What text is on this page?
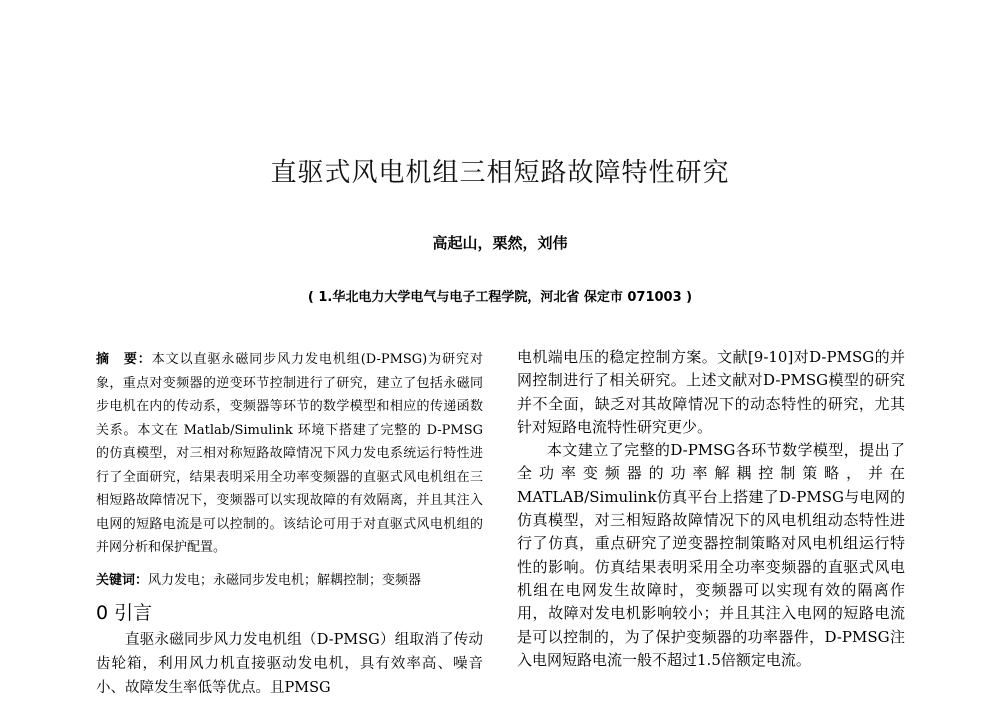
直驱式风电机组三相短路故障特性研究
高起山，栗然，刘伟
( 1.华北电力大学电气与电子工程学院，河北省 保定市 071003 )

摘　要：本文以直驱永磁同步风力发电机组(D-PMSG)为研究对象，重点对变频器的逆变环节控制进行了研究，建立了包括永磁同步电机在内的传动系，变频器等环节的数学模型和相应的传递函数关系。本文在 Matlab/Simulink 环境下搭建了完整的 D-PMSG 的仿真模型，对三相对称短路故障情况下风力发电系统运行特性进行了全面研究，结果表明采用全功率变频器的直驱式风电机组在三相短路故障情况下，变频器可以实现故障的有效隔离，并且其注入电网的短路电流是可以控制的。该结论可用于对直驱式风电机组的并网分析和保护配置。

关键词：风力发电；永磁同步发电机；解耦控制；变频器

0 引言

直驱永磁同步风力发电机组（D-PMSG）组取消了传动齿轮箱，利用风力机直接驱动发电机，具有效率高、噪音小、故障发生率低等优点。且PMSG

电机端电压的稳定控制方案。文献[9-10]对D-PMSG的并网控制进行了相关研究。上述文献对D-PMSG模型的研究并不全面，缺乏对其故障情况下的动态特性的研究，尤其针对短路电流特性研究更少。

本文建立了完整的D-PMSG各环节数学模型，提出了全功率变频器的功率解耦控制策略，并在MATLAB/Simulink仿真平台上搭建了D-PMSG与电网的仿真模型，对三相短路故障情况下的风电机组动态特性进行了仿真，重点研究了逆变器控制策略对风电机组运行特性的影响。仿真结果表明采用全功率变频器的直驱式风电机组在电网发生故障时，变频器可以实现有效的隔离作用，故障对发电机影响较小；并且其注入电网的短路电流是可以控制的，为了保护变频器的功率器件，D-PMSG注入电网短路电流一般不超过1.5倍额定电流。
